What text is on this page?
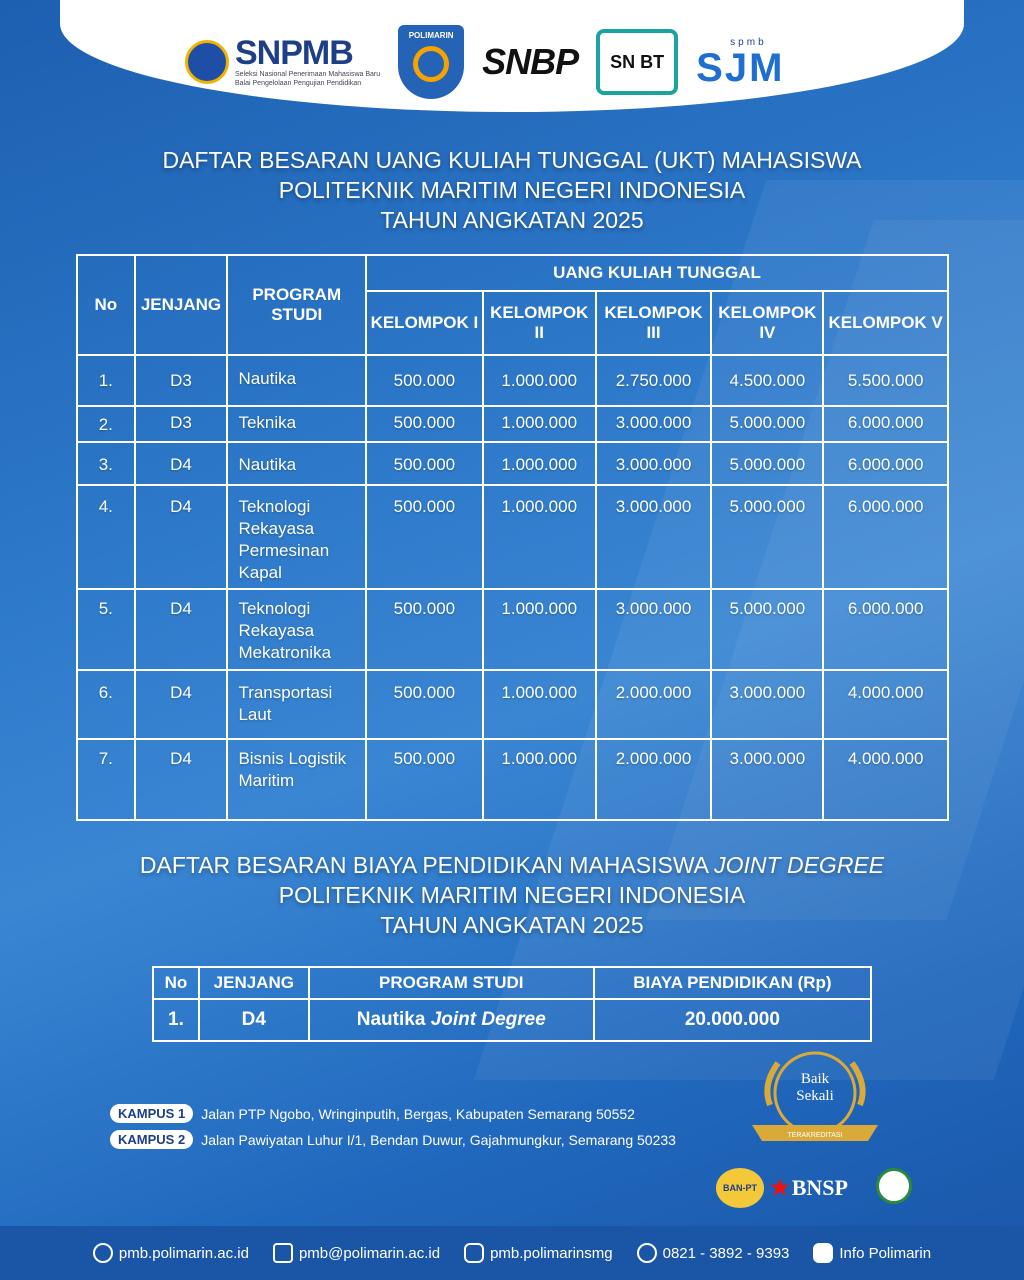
SNPMB
Seleksi Nasional Penerimaan Mahasiswa Baru
Balai Pengelolaan Pengujian Pendidikan
POLIMARIN
SNBP	SN BT
spmb
SJM
DAFTAR BESARAN UANG KULIAH TUNGGAL (UKT) MAHASISWA
POLITEKNIK MARITIM NEGERI INDONESIA
TAHUN ANGKATAN 2025
No	JENJANG	PROGRAM STUDI	UANG KULIAH TUNGGAL				
			KELOMPOK I	KELOMPOK II	KELOMPOK III	KELOMPOK IV	KELOMPOK V
1.	D3	Nautika	500.000	1.000.000	2.750.000	4.500.000	5.500.000
2.	D3	Teknika	500.000	1.000.000	3.000.000	5.000.000	6.000.000
3.	D4	Nautika	500.000	1.000.000	3.000.000	5.000.000	6.000.000
4.	D4	Teknologi Rekayasa Permesinan Kapal	500.000	1.000.000	3.000.000	5.000.000	6.000.000
5.	D4	Teknologi Rekayasa Mekatronika	500.000	1.000.000	3.000.000	5.000.000	6.000.000
6.	D4	Transportasi Laut	500.000	1.000.000	2.000.000	3.000.000	4.000.000
7.	D4	Bisnis Logistik Maritim	500.000	1.000.000	2.000.000	3.000.000	4.000.000
DAFTAR BESARAN BIAYA PENDIDIKAN MAHASISWA JOINT DEGREE
POLITEKNIK MARITIM NEGERI INDONESIA
TAHUN ANGKATAN 2025
No	JENJANG	PROGRAM STUDI	BIAYA PENDIDIKAN (Rp)
1.	D4	Nautika Joint Degree	20.000.000
KAMPUS 1	Jalan PTP Ngobo, Wringinputih, Bergas, Kabupaten Semarang 50552
KAMPUS 2	Jalan Pawiyatan Luhur I/1, Bendan Duwur, Gajahmungkur, Semarang 50233	TERAKREDITASI
Baik
Sekali
BAN-PT ★ BNSP
pmb.polimarin.ac.id	pmb@polimarin.ac.id	pmb.polimarinsmg	0821 - 3892 - 9393	Info Polimarin
